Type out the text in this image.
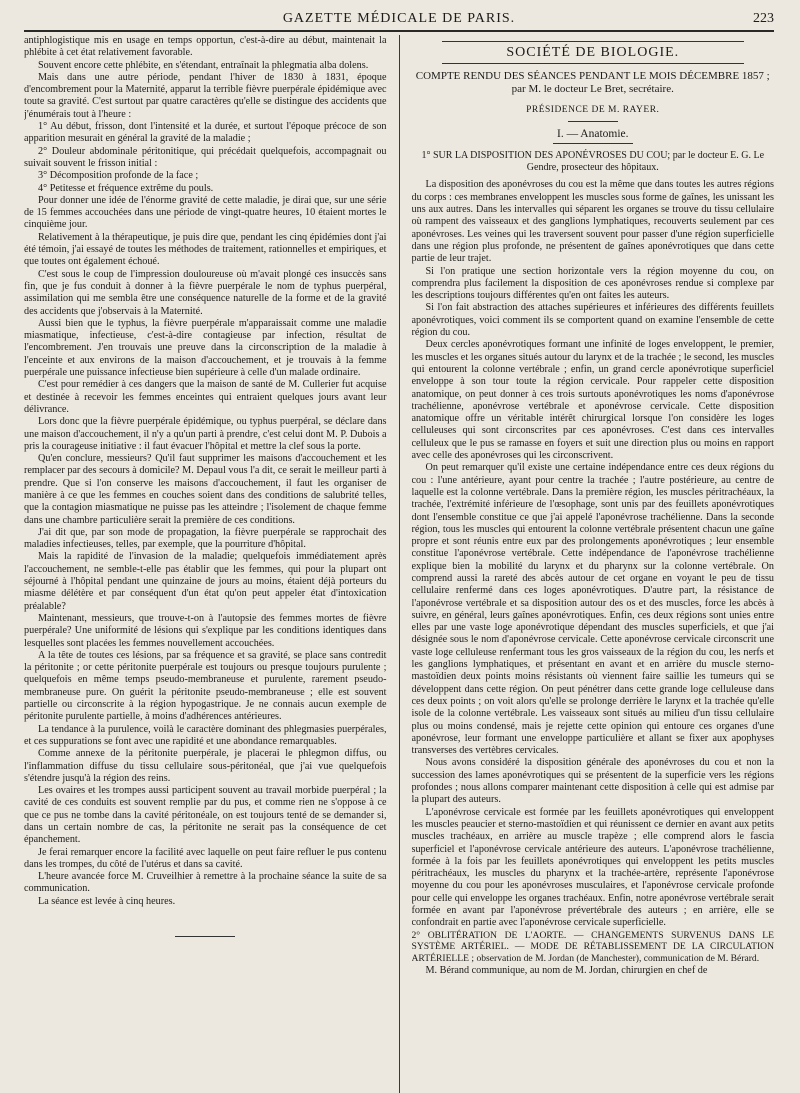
GAZETTE MÉDICALE DE PARIS.	223

antiphlogistique mis en usage en temps opportun, c'est-à-dire au début, maintenait la phlébite à cet état relativement favorable.

Souvent encore cette phlébite, en s'étendant, entraînait la phlegmatia alba dolens.

Mais dans une autre période, pendant l'hiver de 1830 à 1831, époque d'encombrement pour la Maternité, apparut la terrible fièvre puerpérale épidémique avec toute sa gravité. C'est surtout par quatre caractères qu'elle se distingue des accidents que j'énumérais tout à l'heure :

1° Au début, frisson, dont l'intensité et la durée, et surtout l'époque précoce de son apparition mesurait en général la gravité de la maladie ;

2° Douleur abdominale péritonitique, qui précédait quelquefois, accompagnait ou suivait souvent le frisson initial :

3° Décomposition profonde de la face ;

4° Petitesse et fréquence extrême du pouls.

Pour donner une idée de l'énorme gravité de cette maladie, je dirai que, sur une série de 15 femmes accouchées dans une période de vingt-quatre heures, 10 étaient mortes le cinquième jour.

Relativement à la thérapeutique, je puis dire que, pendant les cinq épidémies dont j'ai été témoin, j'ai essayé de toutes les méthodes de traitement, rationnelles et empiriques, et que toutes ont également échoué.

C'est sous le coup de l'impression douloureuse où m'avait plongé ces insuccès sans fin, que je fus conduit à donner à la fièvre puerpérale le nom de typhus puerpéral, assimilation qui me sembla être une conséquence naturelle de la forme et de la gravité des accidents que j'observais à la Maternité.

Aussi bien que le typhus, la fièvre puerpérale m'apparaissait comme une maladie miasmatique, infectieuse, c'est-à-dire contagieuse par infection, résultat de l'encombrement. J'en trouvais une preuve dans la circonscription de la maladie à l'enceinte et aux environs de la maison d'accouchement, et je trouvais à la femme puerpérale une puissance infectieuse bien supérieure à celle d'un malade ordinaire.

C'est pour remédier à ces dangers que la maison de santé de M. Cullerier fut acquise et destinée à recevoir les femmes enceintes qui entraient quelques jours avant leur délivrance.

Lors donc que la fièvre puerpérale épidémique, ou typhus puerpéral, se déclare dans une maison d'accouchement, il n'y a qu'un parti à prendre, c'est celui dont M. P. Dubois a pris la courageuse initiative : il faut évacuer l'hôpital et mettre la clef sous la porte.

Qu'en conclure, messieurs? Qu'il faut supprimer les maisons d'accouchement et les remplacer par des secours à domicile? M. Depaul vous l'a dit, ce serait le meilleur parti à prendre. Que si l'on conserve les maisons d'accouchement, il faut les organiser de manière à ce que les femmes en couches soient dans des conditions de salubrité telles, que la contagion miasmatique ne puisse pas les atteindre ; l'isolement de chaque femme dans une chambre particulière serait la première de ces conditions.

J'ai dit que, par son mode de propagation, la fièvre puerpérale se rapprochait des maladies infectieuses, telles, par exemple, que la pourriture d'hôpital.

Mais la rapidité de l'invasion de la maladie; quelquefois immédiatement après l'accouchement, ne semble-t-elle pas établir que les femmes, qui pour la plupart ont séjourné à l'hôpital pendant une quinzaine de jours au moins, étaient déjà porteurs du miasme délétère et par conséquent d'un état qu'on peut appeler état d'intoxication préalable?

Maintenant, messieurs, que trouve-t-on à l'autopsie des femmes mortes de fièvre puerpérale? Une uniformité de lésions qui s'explique par les conditions identiques dans lesquelles sont placées les femmes nouvellement accouchées.

A la tête de toutes ces lésions, par sa fréquence et sa gravité, se place sans contredit la péritonite ; or cette péritonite puerpérale est toujours ou presque toujours purulente ; quelquefois en même temps pseudo-membraneuse et purulente, rarement pseudo-membraneuse pure. On guérit la péritonite pseudo-membraneuse ; elle est souvent partielle ou circonscrite à la région hypogastrique. Je ne connais aucun exemple de péritonite purulente partielle, à moins d'adhérences antérieures.

La tendance à la purulence, voilà le caractère dominant des phlegmasies puerpérales, et ces suppurations se font avec une rapidité et une abondance remarquables.

Comme annexe de la péritonite puerpérale, je placerai le phlegmon diffus, ou l'inflammation diffuse du tissu cellulaire sous-péritonéal, que j'ai vue quelquefois s'étendre jusqu'à la région des reins.

Les ovaires et les trompes aussi participent souvent au travail morbide puerpéral ; la cavité de ces conduits est souvent remplie par du pus, et comme rien ne s'oppose à ce que ce pus ne tombe dans la cavité péritonéale, on est toujours tenté de se demander si, dans un certain nombre de cas, la péritonite ne serait pas la conséquence de cet épanchement.

Je ferai remarquer encore la facilité avec laquelle on peut faire refluer le pus contenu dans les trompes, du côté de l'utérus et dans sa cavité.

L'heure avancée force M. Cruveilhier à remettre à la prochaine séance la suite de sa communication.

La séance est levée à cinq heures.

SOCIÉTÉ DE BIOLOGIE.
COMPTE RENDU DES SÉANCES PENDANT LE MOIS DÉCEMBRE 1857 ;
par M. le docteur Le Bret, secrétaire.
PRÉSIDENCE DE M. RAYER.
I. — Anatomie.
1° SUR LA DISPOSITION DES APONÉVROSES DU COU; par le docteur E. G. Le Gendre, prosecteur des hôpitaux.

La disposition des aponévroses du cou est la même que dans toutes les autres régions du corps : ces membranes enveloppent les muscles sous forme de gaînes, les unissant les uns aux autres. Dans les intervalles qui séparent les organes se trouve du tissu cellulaire où rampent des vaisseaux et des ganglions lymphatiques, recouverts seulement par ces aponévroses. Les veines qui les traversent souvent pour passer d'une région superficielle dans une région plus profonde, ne présentent de gaînes aponévrotiques que dans cette partie de leur trajet.

Si l'on pratique une section horizontale vers la région moyenne du cou, on comprendra plus facilement la disposition de ces aponévroses rendue si complexe par les descriptions toujours différentes qu'en ont faites les auteurs.

Si l'on fait abstraction des attaches supérieures et inférieures des différents feuillets aponévrotiques, voici comment ils se comportent quand on examine l'ensemble de cette région du cou.

Deux cercles aponévrotiques formant une infinité de loges enveloppent, le premier, les muscles et les organes situés autour du larynx et de la trachée ; le second, les muscles qui entourent la colonne vertébrale ; enfin, un grand cercle aponévrotique superficiel enveloppe à son tour toute la région cervicale. Pour rappeler cette disposition anatomique, on peut donner à ces trois surtouts aponévrotiques les noms d'aponévrose trachélienne, aponévrose vertébrale et aponévrose cervicale. Cette disposition anatomique offre un véritable intérêt chirurgical lorsque l'on considère les loges celluleuses qui sont circonscrites par ces aponévroses. C'est dans ces intervalles celluleux que le pus se ramasse en foyers et suit une direction plus ou moins en rapport avec celle des aponévroses qui les circonscrivent.

On peut remarquer qu'il existe une certaine indépendance entre ces deux régions du cou : l'une antérieure, ayant pour centre la trachée ; l'autre postérieure, au centre de laquelle est la colonne vertébrale. Dans la première région, les muscles péritrachéaux, la trachée, l'extrémité inférieure de l'œsophage, sont unis par des feuillets aponévrotiques dont l'ensemble constitue ce que j'ai appelé l'aponévrose trachélienne. Dans la seconde région, tous les muscles qui entourent la colonne vertébrale présentent chacun une gaîne propre et sont réunis entre eux par des prolongements aponévrotiques ; leur ensemble constitue l'aponévrose vertébrale. Cette indépendance de l'aponévrose trachélienne explique bien la mobilité du larynx et du pharynx sur la colonne vertébrale. On comprend aussi la rareté des abcès autour de cet organe en voyant le peu de tissu cellulaire renfermé dans ces loges aponévrotiques. D'autre part, la résistance de l'aponévrose vertébrale et sa disposition autour des os et des muscles, force les abcès à suivre, en général, leurs gaînes aponévrotiques. Enfin, ces deux régions sont unies entre elles par une vaste loge aponévrotique dépendant des muscles superficiels, et que j'ai désignée sous le nom d'aponévrose cervicale. Cette aponévrose cervicale circonscrit une vaste loge celluleuse renfermant tous les gros vaisseaux de la région du cou, les nerfs et les ganglions lymphatiques, et présentant en avant et en arrière du muscle sterno-mastoïdien deux points moins résistants où viennent faire saillie les tumeurs qui se développent dans cette région. On peut pénétrer dans cette grande loge celluleuse dans ces deux points ; on voit alors qu'elle se prolonge derrière le larynx et la trachée qu'elle isole de la colonne vertébrale. Les vaisseaux sont situés au milieu d'un tissu cellulaire plus ou moins condensé, mais je rejette cette opinion qui entoure ces organes d'une aponévrose, leur formant une enveloppe particulière et allant se fixer aux apophyses transverses des vertèbres cervicales.

Nous avons considéré la disposition générale des aponévroses du cou et non la succession des lames aponévrotiques qui se présentent de la superficie vers les régions profondes ; nous allons comparer maintenant cette disposition à celle qui est admise par la plupart des auteurs.

L'aponévrose cervicale est formée par les feuillets aponévrotiques qui enveloppent les muscles peaucier et sterno-mastoïdien et qui réunissent ce dernier en avant aux petits muscles trachéaux, en arrière au muscle trapèze ; elle comprend alors le fascia superficiel et l'aponévrose cervicale antérieure des auteurs. L'aponévrose trachélienne, formée à la fois par les feuillets aponévrotiques qui enveloppent les petits muscles péritrachéaux, les muscles du pharynx et la trachée-artère, représente l'aponévrose moyenne du cou pour les aponévroses musculaires, et l'aponévrose cervicale profonde pour celle qui enveloppe les organes trachéaux. Enfin, notre aponévrose vertébrale serait formée en avant par l'aponévrose prévertébrale des auteurs ; en arrière, elle se confondrait en partie avec l'aponévrose cervicale superficielle.

2° OBLITÉRATION DE L'AORTE. — CHANGEMENTS SURVENUS DANS LE SYSTÈME ARTÉRIEL. — MODE DE RÉTABLISSEMENT DE LA CIRCULATION ARTÉRIELLE ; observation de M. Jordan (de Manchester), communication de M. Bérard.

M. Bérand communique, au nom de M. Jordan, chirurgien en chef de
